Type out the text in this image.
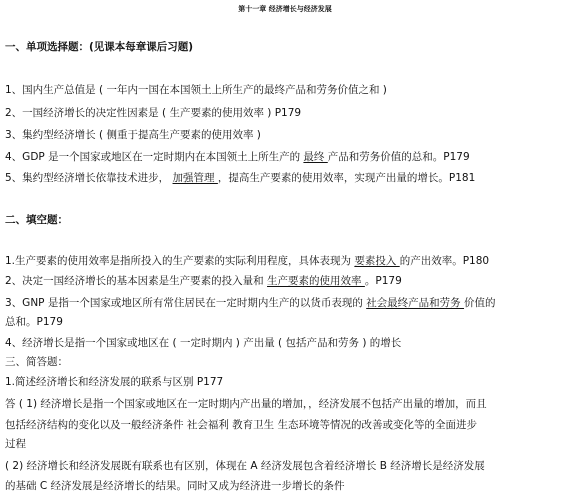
第十一章 经济增长与经济发展
一、单项选择题：(见课本每章课后习题)
1、国内生产总值是 ( 一年内一国在本国领土上所生产的最终产品和劳务价值之和 )
2、一国经济增长的决定性因素是 ( 生产要素的使用效率 ) P179
3、集约型经济增长 ( 侧重于提高生产要素的使用效率 )
4、GDP 是一个国家或地区在一定时期内在本国领土上所生产的 最终 产品和劳务价值的总和。P179
5、集约型经济增长依靠技术进步， 加强管理 ，提高生产要素的使用效率，实现产出量的增长。P181
二、填空题：
1.生产要素的使用效率是指所投入的生产要素的实际利用程度，具体表现为 要素投入 的产出效率。P180
2、决定一国经济增长的基本因素是生产要素的投入量和 生产要素的使用效率 。P179
3、GNP 是指一个国家或地区所有常住居民在一定时期内生产的以货币表现的 社会最终产品和劳务 价值的
总和。P179
4、经济增长是指一个国家或地区在 ( 一定时期内 ) 产出量 ( 包括产品和劳务 ) 的增长
三、简答题：
1.简述经济增长和经济发展的联系与区别 P177
答 ( 1) 经济增长是指一个国家或地区在一定时期内产出量的增加，，经济发展不包括产出量的增加，而且
包括经济结构的变化以及一般经济条件 社会福利 教育卫生 生态环境等情况的改善或变化等的全面进步
过程
( 2) 经济增长和经济发展既有联系也有区别，体现在 A 经济发展包含着经济增长 B 经济增长是经济发展
的基础 C 经济发展是经济增长的结果。同时又成为经济进一步增长的条件
